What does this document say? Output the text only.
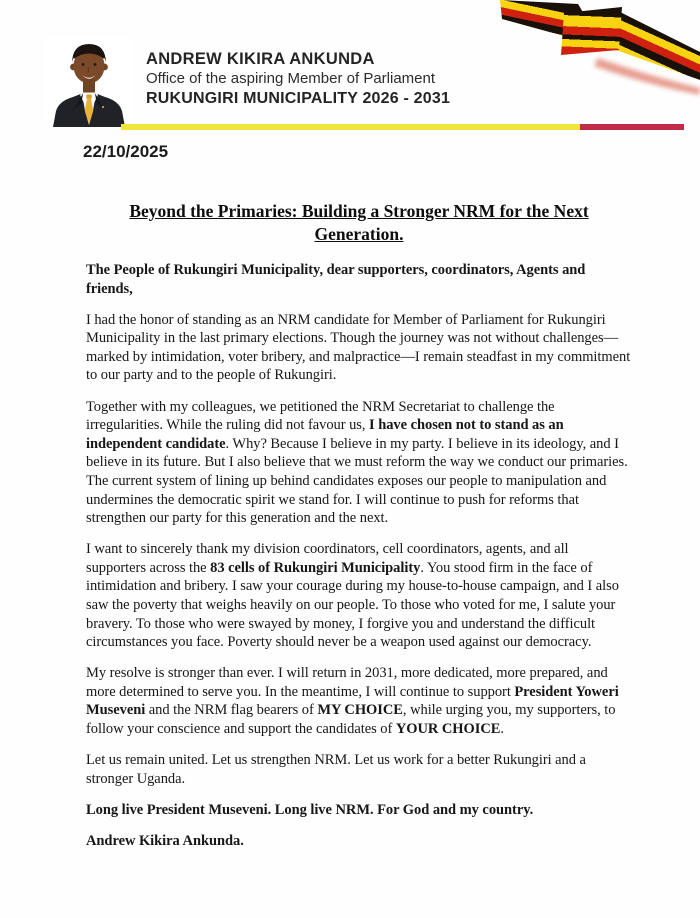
ANDREW KIKIRA ANKUNDA
Office of the aspiring Member of Parliament
RUKUNGIRI MUNICIPALITY 2026 - 2031
22/10/2025
Beyond the Primaries: Building a Stronger NRM for the Next Generation.

The People of Rukungiri Municipality, dear supporters, coordinators, Agents and friends,

I had the honor of standing as an NRM candidate for Member of Parliament for Rukungiri Municipality in the last primary elections. Though the journey was not without challenges—marked by intimidation, voter bribery, and malpractice—I remain steadfast in my commitment to our party and to the people of Rukungiri.

Together with my colleagues, we petitioned the NRM Secretariat to challenge the irregularities. While the ruling did not favour us, I have chosen not to stand as an independent candidate. Why? Because I believe in my party. I believe in its ideology, and I believe in its future. But I also believe that we must reform the way we conduct our primaries. The current system of lining up behind candidates exposes our people to manipulation and undermines the democratic spirit we stand for. I will continue to push for reforms that strengthen our party for this generation and the next.

I want to sincerely thank my division coordinators, cell coordinators, agents, and all supporters across the 83 cells of Rukungiri Municipality. You stood firm in the face of intimidation and bribery. I saw your courage during my house-to-house campaign, and I also saw the poverty that weighs heavily on our people. To those who voted for me, I salute your bravery. To those who were swayed by money, I forgive you and understand the difficult circumstances you face. Poverty should never be a weapon used against our democracy.

My resolve is stronger than ever. I will return in 2031, more dedicated, more prepared, and more determined to serve you. In the meantime, I will continue to support President Yoweri Museveni and the NRM flag bearers of MY CHOICE, while urging you, my supporters, to follow your conscience and support the candidates of YOUR CHOICE.

Let us remain united. Let us strengthen NRM. Let us work for a better Rukungiri and a stronger Uganda.

Long live President Museveni. Long live NRM. For God and my country.

Andrew Kikira Ankunda.
